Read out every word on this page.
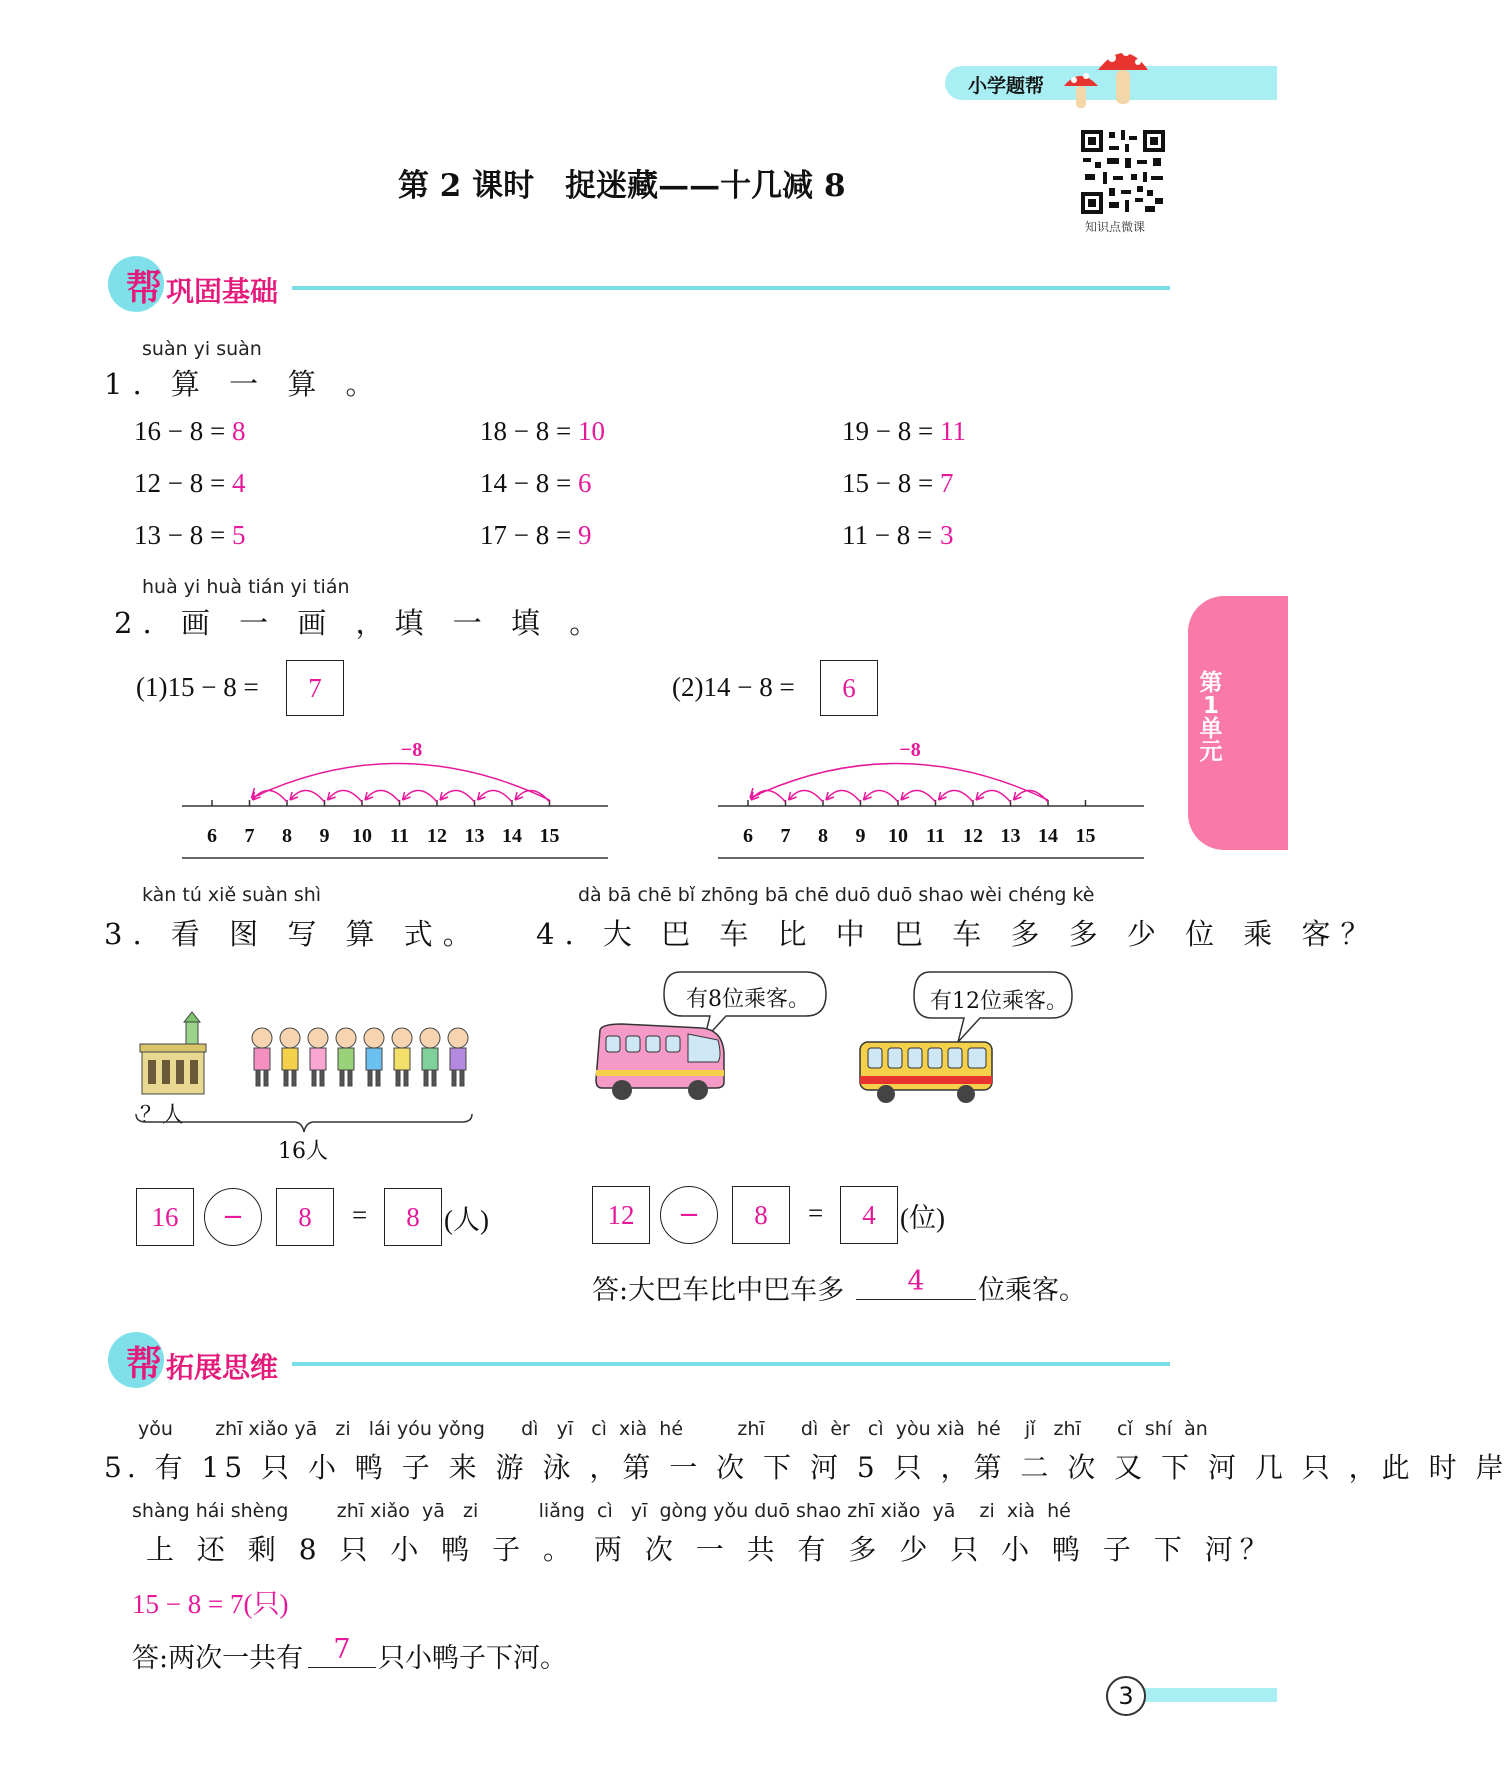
小学题帮
知识点微课
第 2 课时　捉迷藏——十几减 8
第1单元
帮 巩固基础
suàn yi suàn
1. 算 一 算 。
huà yi huà tián yi tián
2. 画 一 画 ，填 一 填 。
(1)15 − 8 =	7	(2)14 − 8 =	6
6 7 8 9 10 11 12 13 14 15
−8
6 7 8 9 10 11 12 13 14 15
−8
kàn tú xiě suàn shì
3. 看 图 写 算 式。
？人
16人
16	−	8	=	8 (人)
dà bā chē bǐ zhōng bā chē duō duō shao wèi chéng kè
4. 大 巴 车 比 中 巴 车 多 多 少 位 乘 客？
有8位乘客。	有12位乘客。
12	−	8	=	4 (位)
答:大巴车比中巴车多	4	位乘客。
帮 拓展思维
yǒu       zhī xiǎo yā   zi   lái yóu yǒng      dì   yī   cì  xià  hé         zhī      dì  èr   cì  yòu xià  hé    jǐ   zhī      cǐ  shí  àn
5. 有 15 只 小 鸭 子 来 游 泳 ，第 一 次 下 河 5 只 ，第 二 次 又 下 河 几 只 ，此 时 岸
shàng hái shèng        zhī xiǎo  yā   zi          liǎng  cì   yī  gòng yǒu duō shao zhī xiǎo  yā    zi  xià  hé
上 还 剩 8 只 小 鸭 子 。 两 次 一 共 有 多 少 只 小 鸭 子 下 河？
15 − 8 = 7(只)
答:两次一共有	7	只小鸭子下河。
3
16 − 8 = 8	18 − 8 = 10	19 − 8 = 11
12 − 8 = 4	14 − 8 = 6	15 − 8 = 7
13 − 8 = 5	17 − 8 = 9	11 − 8 = 3
